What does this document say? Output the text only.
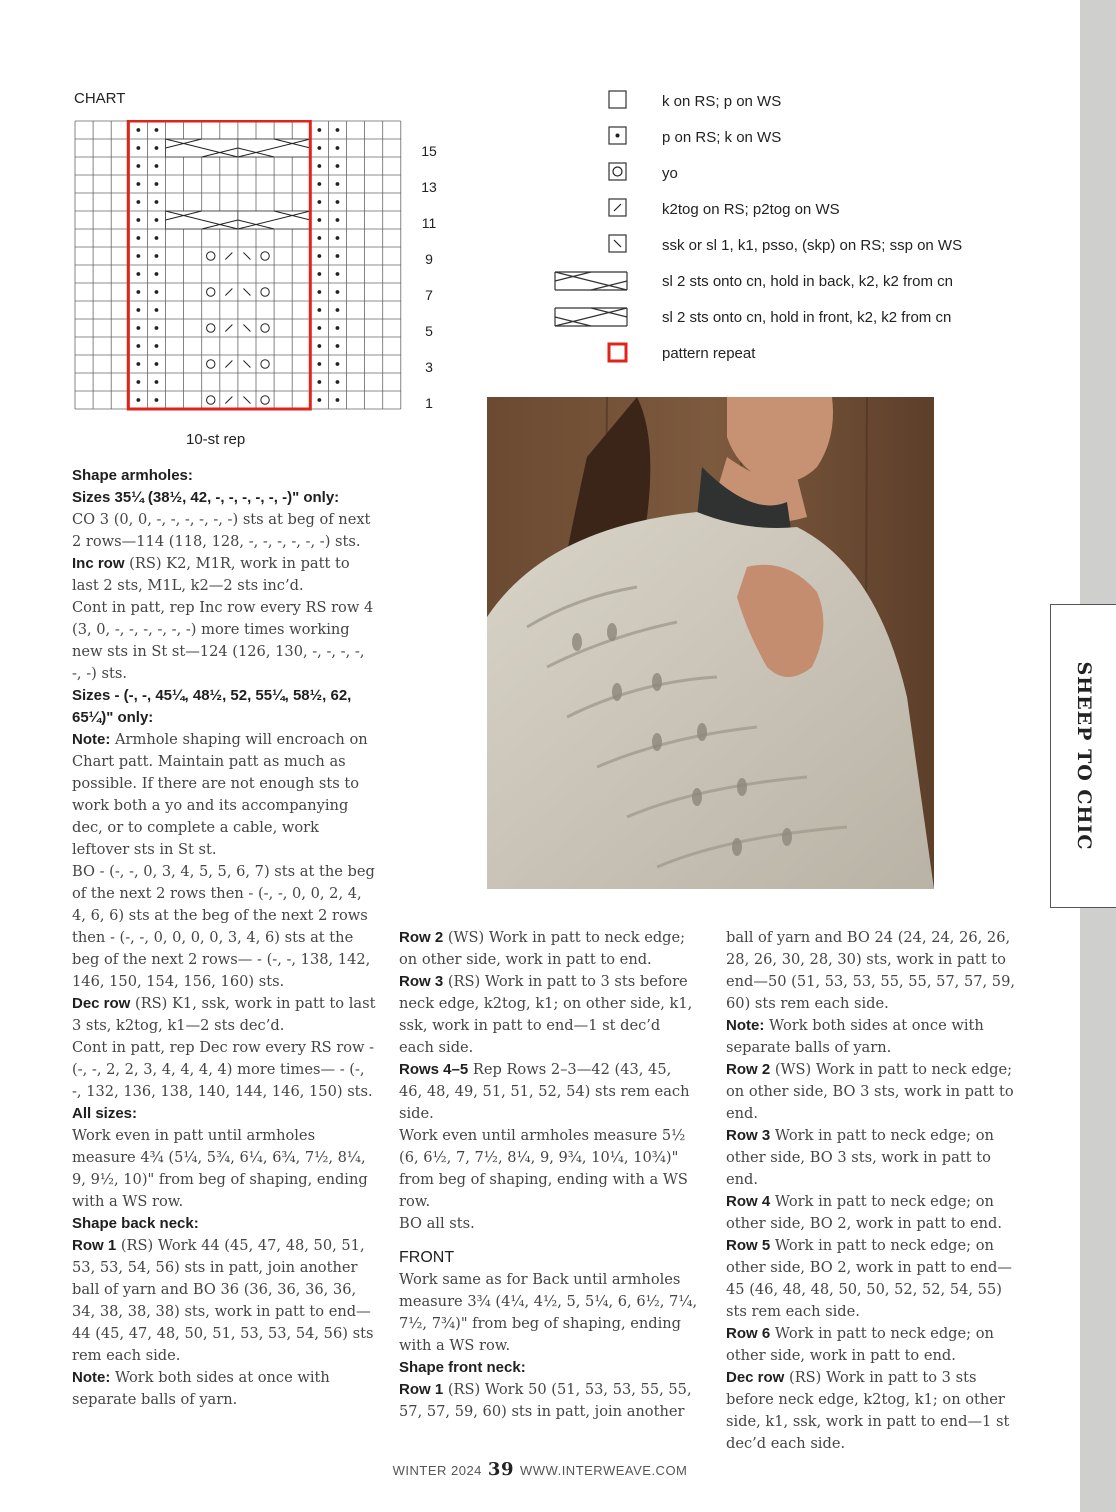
CHART
15
13
11
9
7
5
3
1
10-st rep
k on RS; p on WS
p on RS; k on WS
yo
k2tog on RS; p2tog on WS
ssk or sl 1, k1, psso, (skp) on RS; ssp on WS
sl 2 sts onto cn, hold in back, k2, k2 from cn
sl 2 sts onto cn, hold in front, k2, k2 from cn
pattern repeat
SHEEP TO CHIC

Shape armholes:

Sizes 35¼ (38½, 42, -, -, -, -, -, -)" only:

CO 3 (0, 0, -, -, -, -, -, -) sts at beg of next 2 rows—114 (118, 128, -, -, -, -, -, -) sts.

Inc row (RS) K2, M1R, work in patt to last 2 sts, M1L, k2—2 sts inc’d.

Cont in patt, rep Inc row every RS row 4 (3, 0, -, -, -, -, -, -) more times working new sts in St st—124 (126, 130, -, -, -, -, -, -) sts.

Sizes - (-, -, 45¼, 48½, 52, 55¼, 58½, 62, 65¼)" only:

Note: Armhole shaping will encroach on Chart patt. Maintain patt as much as possible. If there are not enough sts to work both a yo and its accompanying dec, or to complete a cable, work leftover sts in St st.

BO - (-, -, 0, 3, 4, 5, 5, 6, 7) sts at the beg of the next 2 rows then - (-, -, 0, 0, 2, 4, 4, 6, 6) sts at the beg of the next 2 rows then - (-, -, 0, 0, 0, 0, 3, 4, 6) sts at the beg of the next 2 rows— - (-, -, 138, 142, 146, 150, 154, 156, 160) sts.

Dec row (RS) K1, ssk, work in patt to last 3 sts, k2tog, k1—2 sts dec’d.

Cont in patt, rep Dec row every RS row - (-, -, 2, 2, 3, 4, 4, 4, 4) more times— - (-, -, 132, 136, 138, 140, 144, 146, 150) sts.

All sizes:

Work even in patt until armholes measure 4¾ (5¼, 5¾, 6¼, 6¾, 7½, 8¼, 9, 9½, 10)" from beg of shaping, ending with a WS row.

Shape back neck:

Row 1 (RS) Work 44 (45, 47, 48, 50, 51, 53, 53, 54, 56) sts in patt, join another ball of yarn and BO 36 (36, 36, 36, 36, 34, 38, 38, 38) sts, work in patt to end—44 (45, 47, 48, 50, 51, 53, 53, 54, 56) sts rem each side.

Note: Work both sides at once with separate balls of yarn.

Row 2 (WS) Work in patt to neck edge; on other side, work in patt to end.

Row 3 (RS) Work in patt to 3 sts before neck edge, k2tog, k1; on other side, k1, ssk, work in patt to end—1 st dec’d each side.

Rows 4–5 Rep Rows 2–3—42 (43, 45, 46, 48, 49, 51, 51, 52, 54) sts rem each side.

Work even until armholes measure 5½ (6, 6½, 7, 7½, 8¼, 9, 9¾, 10¼, 10¾)" from beg of shaping, ending with a WS row.

BO all sts.

FRONT

Work same as for Back until armholes measure 3¾ (4¼, 4½, 5, 5¼, 6, 6½, 7¼, 7½, 7¾)" from beg of shaping, ending with a WS row.

Shape front neck:

Row 1 (RS) Work 50 (51, 53, 53, 55, 55, 57, 57, 59, 60) sts in patt, join another

ball of yarn and BO 24 (24, 24, 26, 26, 28, 26, 30, 28, 30) sts, work in patt to end—50 (51, 53, 53, 55, 55, 57, 57, 59, 60) sts rem each side.

Note: Work both sides at once with separate balls of yarn.

Row 2 (WS) Work in patt to neck edge; on other side, BO 3 sts, work in patt to end.

Row 3 Work in patt to neck edge; on other side, BO 3 sts, work in patt to end.

Row 4 Work in patt to neck edge; on other side, BO 2, work in patt to end.

Row 5 Work in patt to neck edge; on other side, BO 2, work in patt to end—45 (46, 48, 48, 50, 50, 52, 52, 54, 55) sts rem each side.

Row 6 Work in patt to neck edge; on other side, work in patt to end.

Dec row (RS) Work in patt to 3 sts before neck edge, k2tog, k1; on other side, k1, ssk, work in patt to end—1 st dec’d each side.

WINTER 2024 39 WWW.INTERWEAVE.COM
